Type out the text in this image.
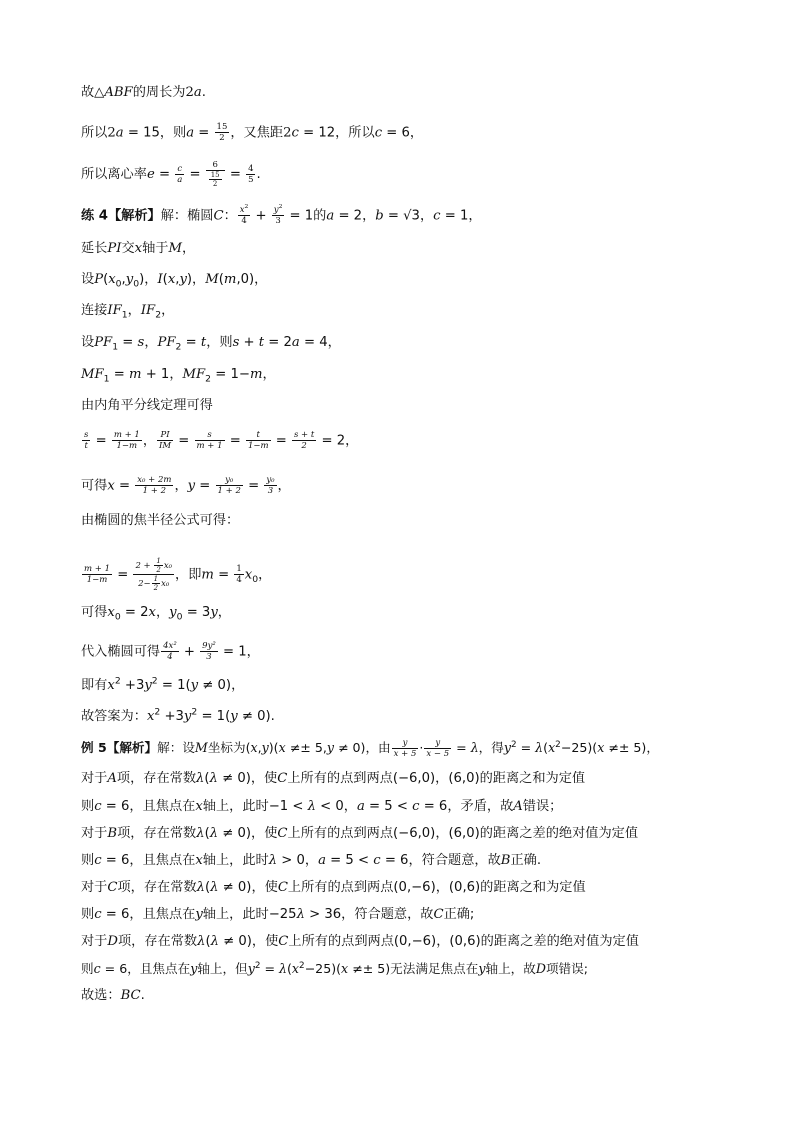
故△ABF的周长为2a.
所以2a = 15，则$a = \frac{15}{2}$ ，又焦距2c = 12，所以c = 6，
所以离心率$e = \frac{c}{a} = \frac{6}{\frac{15}{2}} = \frac{4}{5}$ .
练 4【解析】解：椭圆C： $\frac{x^2}{4} + \frac{y^2}{3} = 1$的a = 2，b = √3，c = 1，
延长PI交x轴于M，
设$P(x_0,y_0)$，I(x,y)，M(m,0)，
连接$IF_1$，$IF_2$，
设$PF_1 = s$，$PF_2 = t$，则s + t = 2a = 4，
$MF_1 = m + 1$，$MF_2 = 1-m$，
由内角平分线定理可得
$\frac{s}{t} = \frac{m + 1}{1-m}$ ， $\frac{PI}{IM} = \frac{s}{m + 1} = \frac{t}{1-m} = \frac{s + t}{2} = 2$，
可得$x = \frac{\text{x₀ + 2m}}{1 + 2}$ ，$y = \frac{\text{y₀}}{1 + 2} = \frac{\text{y₀}}{3}$ ，
由椭圆的焦半径公式可得：
$\frac{m + 1}{1-m} = \frac{2 + \frac{1}{2} x_0}{2- \frac{1}{2} x_0}$ ，即$m = \frac{1}{4} x_0$，
可得$x_0 = 2x$，$y_0 = 3y$，
代入椭圆可得 $\frac{\text{4x²}}{4} + \frac{\text{9y²}}{3} = 1$，
即有$x^2 +3y^2 = 1(y \ne 0)$，
故答案为：$x^2 +3y^2 = 1(y \ne 0)$.
例 5【解析】解：设M坐标为(x,y)(x ≠± 5,y ≠ 0)，由 $\frac{y}{x + 5} \cdot \frac{y}{x - 5} = \lambda$，得$y^2 = \lambda(x^2-25)(x \ne\pm 5)$，
对于A项，存在常数λ(λ ≠ 0)，使C上所有的点到两点(−6,0)，(6,0)的距离之和为定值
则c = 6，且焦点在x轴上，此时−1 < λ < 0，a = 5 < c = 6，矛盾，故A错误；
对于B项，存在常数λ(λ ≠ 0)，使C上所有的点到两点(−6,0)，(6,0)的距离之差的绝对值为定值
则c = 6，且焦点在x轴上，此时λ > 0，a = 5 < c = 6，符合题意，故B正确.
对于C项，存在常数λ(λ ≠ 0)，使C上所有的点到两点(0,−6)，(0,6)的距离之和为定值
则c = 6，且焦点在y轴上，此时−25λ > 36，符合题意，故C正确;
对于D项，存在常数λ(λ ≠ 0)，使C上所有的点到两点(0,−6)，(0,6)的距离之差的绝对值为定值
则c = 6，且焦点在y轴上，但$y^2 = \lambda(x^2-25)(x \ne\pm 5)$无法满足焦点在y轴上，故D项错误;
故选：BC.
